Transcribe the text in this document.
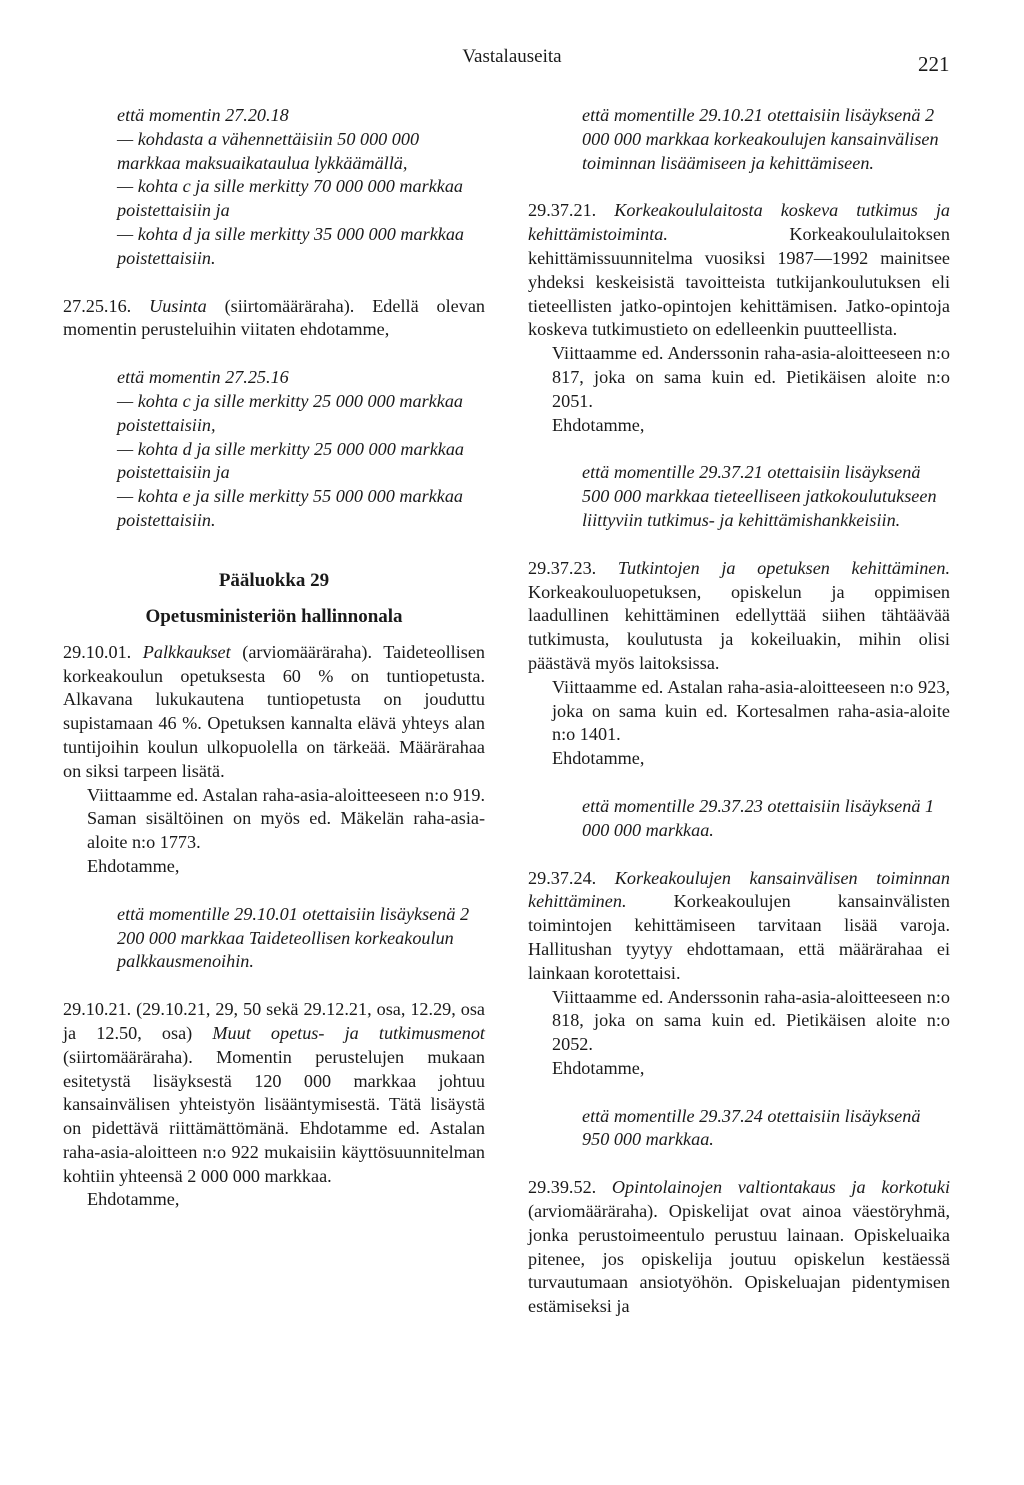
Vastalauseita	221
että momentin 27.20.18
— kohdasta a vähennettäisiin 50 000 000 markkaa maksuaikataulua lykkäämällä,
— kohta c ja sille merkitty 70 000 000 markkaa poistettaisiin ja
— kohta d ja sille merkitty 35 000 000 markkaa poistettaisiin.

27.25.16. Uusinta (siirtomääräraha). Edellä olevan momentin perusteluihin viitaten ehdotamme,

että momentin 27.25.16
— kohta c ja sille merkitty 25 000 000 markkaa poistettaisiin,
— kohta d ja sille merkitty 25 000 000 markkaa poistettaisiin ja
— kohta e ja sille merkitty 55 000 000 markkaa poistettaisiin.
Pääluokka 29
Opetusministeriön hallinnonala

29.10.01. Palkkaukset (arviomääräraha). Taideteollisen korkeakoulun opetuksesta 60 % on tuntiopetusta. Alkavana lukukautena tuntiopetusta on jouduttu supistamaan 46 %. Opetuksen kannalta elävä yhteys alan tuntijoihin koulun ulkopuolella on tärkeää. Määrärahaa on siksi tarpeen lisätä.

Viittaamme ed. Astalan raha-asia-aloitteeseen n:o 919. Saman sisältöinen on myös ed. Mäkelän raha-asia-aloite n:o 1773.

Ehdotamme,

että momentille 29.10.01 otettaisiin lisäyksenä 2 200 000 markkaa Taideteollisen korkeakoulun palkkausmenoihin.

29.10.21. (29.10.21, 29, 50 sekä 29.12.21, osa, 12.29, osa ja 12.50, osa) Muut opetus- ja tutkimusmenot (siirtomääräraha). Momentin perustelujen mukaan esitetystä lisäyksestä 120 000 markkaa johtuu kansainvälisen yhteistyön lisääntymisestä. Tätä lisäystä on pidettävä riittämättömänä. Ehdotamme ed. Astalan raha-asia-aloitteen n:o 922 mukaisiin käyttösuunnitelman kohtiin yhteensä 2 000 000 markkaa.

Ehdotamme,

että momentille 29.10.21 otettaisiin lisäyksenä 2 000 000 markkaa korkeakoulujen kansainvälisen toiminnan lisäämiseen ja kehittämiseen.

29.37.21. Korkeakoululaitosta koskeva tutkimus ja kehittämistoiminta.	Korkeakoululaitoksen kehittämissuunnitelma vuosiksi 1987—1992 mainitsee yhdeksi keskeisistä tavoitteista tutkijankoulutuksen eli tieteellisten jatko-opintojen kehittämisen. Jatko-opintoja koskeva tutkimustieto on edelleenkin puutteellista.

Viittaamme ed. Anderssonin raha-asia-aloitteeseen n:o 817, joka on sama kuin ed. Pietikäisen aloite n:o 2051.

Ehdotamme,

että momentille 29.37.21 otettaisiin lisäyksenä 500 000 markkaa tieteelliseen jatkokoulutukseen liittyviin tutkimus- ja kehittämishankkeisiin.

29.37.23. Tutkintojen ja opetuksen kehittäminen. Korkeakouluopetuksen, opiskelun ja oppimisen laadullinen kehittäminen edellyttää siihen tähtäävää tutkimusta, koulutusta ja kokeiluakin, mihin olisi päästävä myös laitoksissa.

Viittaamme ed. Astalan raha-asia-aloitteeseen n:o 923, joka on sama kuin ed. Kortesalmen raha-asia-aloite n:o 1401.

Ehdotamme,

että momentille 29.37.23 otettaisiin lisäyksenä 1 000 000 markkaa.

29.37.24. Korkeakoulujen kansainvälisen toiminnan kehittäminen.	Korkeakoulujen kansainvälisten toimintojen kehittämiseen tarvitaan lisää varoja. Hallitushan tyytyy ehdottamaan, että määrärahaa ei lainkaan korotettaisi.

Viittaamme ed. Anderssonin raha-asia-aloitteeseen n:o 818, joka on sama kuin ed. Pietikäisen aloite n:o 2052.

Ehdotamme,

että momentille 29.37.24 otettaisiin lisäyksenä 950 000 markkaa.

29.39.52. Opintolainojen valtiontakaus ja korkotuki (arviomääräraha). Opiskelijat ovat ainoa väestöryhmä, jonka perustoimeentulo perustuu lainaan. Opiskeluaika pitenee, jos opiskelija joutuu opiskelun kestäessä turvautumaan ansiotyöhön. Opiskeluajan pidentymisen estämiseksi ja
